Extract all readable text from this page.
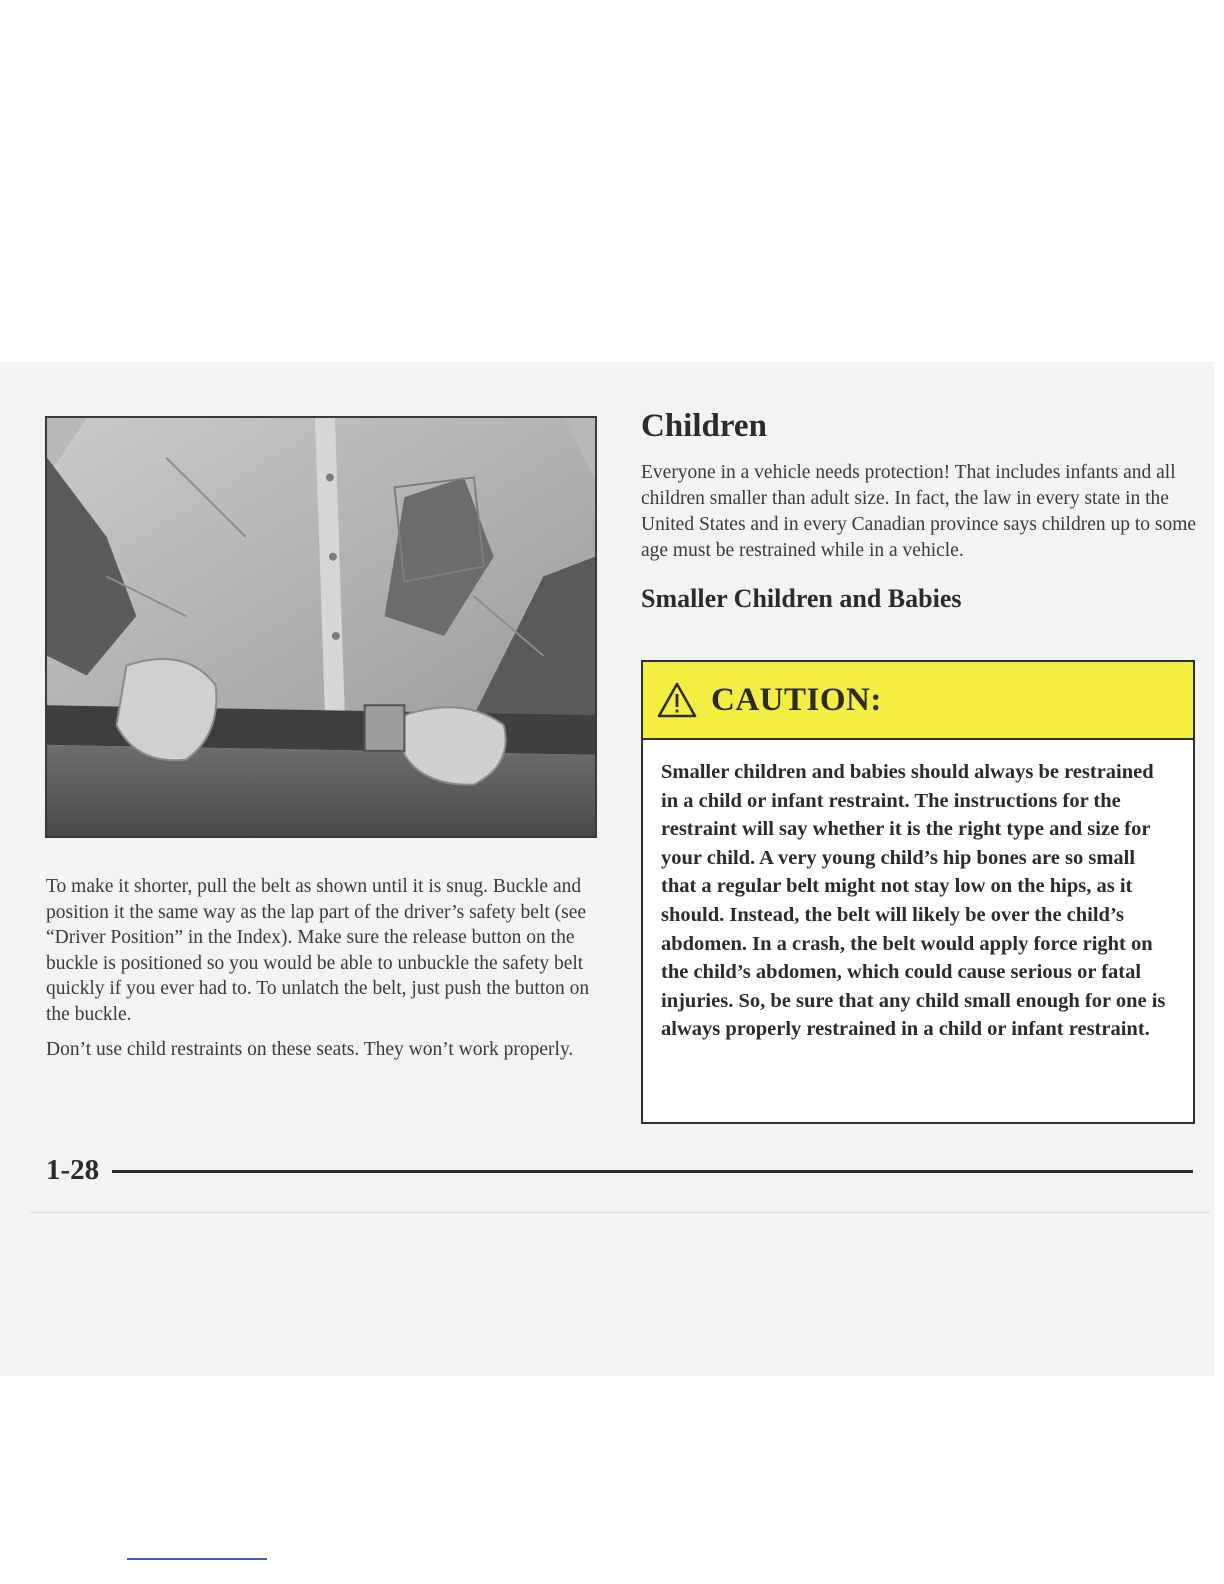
To make it shorter, pull the belt as shown until it is snug. Buckle and position it the same way as the lap part of the driver’s safety belt (see “Driver Position” in the Index). Make sure the release button on the buckle is positioned so you would be able to unbuckle the safety belt quickly if you ever had to. To unlatch the belt, just push the button on the buckle.

Don’t use child restraints on these seats. They won’t work properly.

Children

Everyone in a vehicle needs protection! That includes infants and all children smaller than adult size. In fact, the law in every state in the United States and in every Canadian province says children up to some age must be restrained while in a vehicle.

Smaller Children and Babies
CAUTION:
Smaller children and babies should always be restrained in a child or infant restraint. The instructions for the restraint will say whether it is the right type and size for your child. A very young child’s hip bones are so small that a regular belt might not stay low on the hips, as it should. Instead, the belt will likely be over the child’s abdomen. In a crash, the belt would apply force right on the child’s abdomen, which could cause serious or fatal injuries. So, be sure that any child small enough for one is always properly restrained in a child or infant restraint.
1-28
